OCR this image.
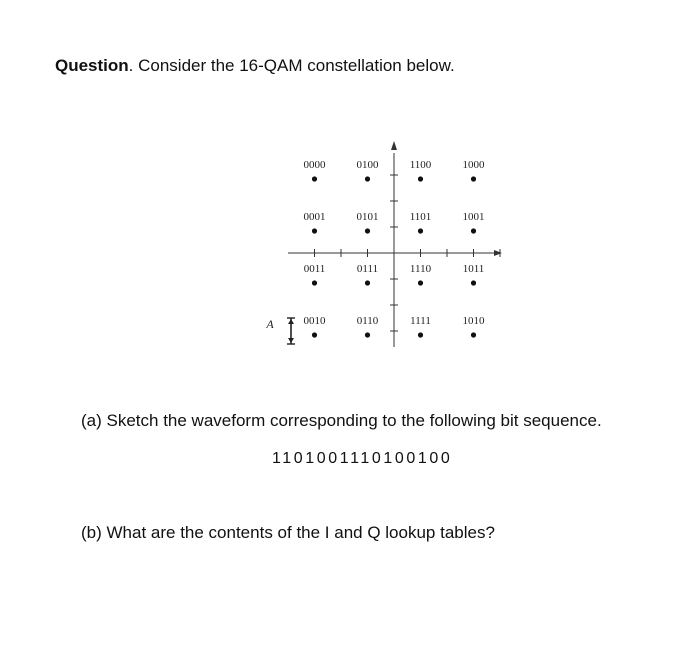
Question. Consider the 16-QAM constellation below.
0000	0100	1100	1000
0001	0101	1101	1001
0011	0111	1110	1011
0010	0110	1111	1010
A
(a) Sketch the waveform corresponding to the following bit sequence.
1101001110100100
(b) What are the contents of the I and Q lookup tables?
